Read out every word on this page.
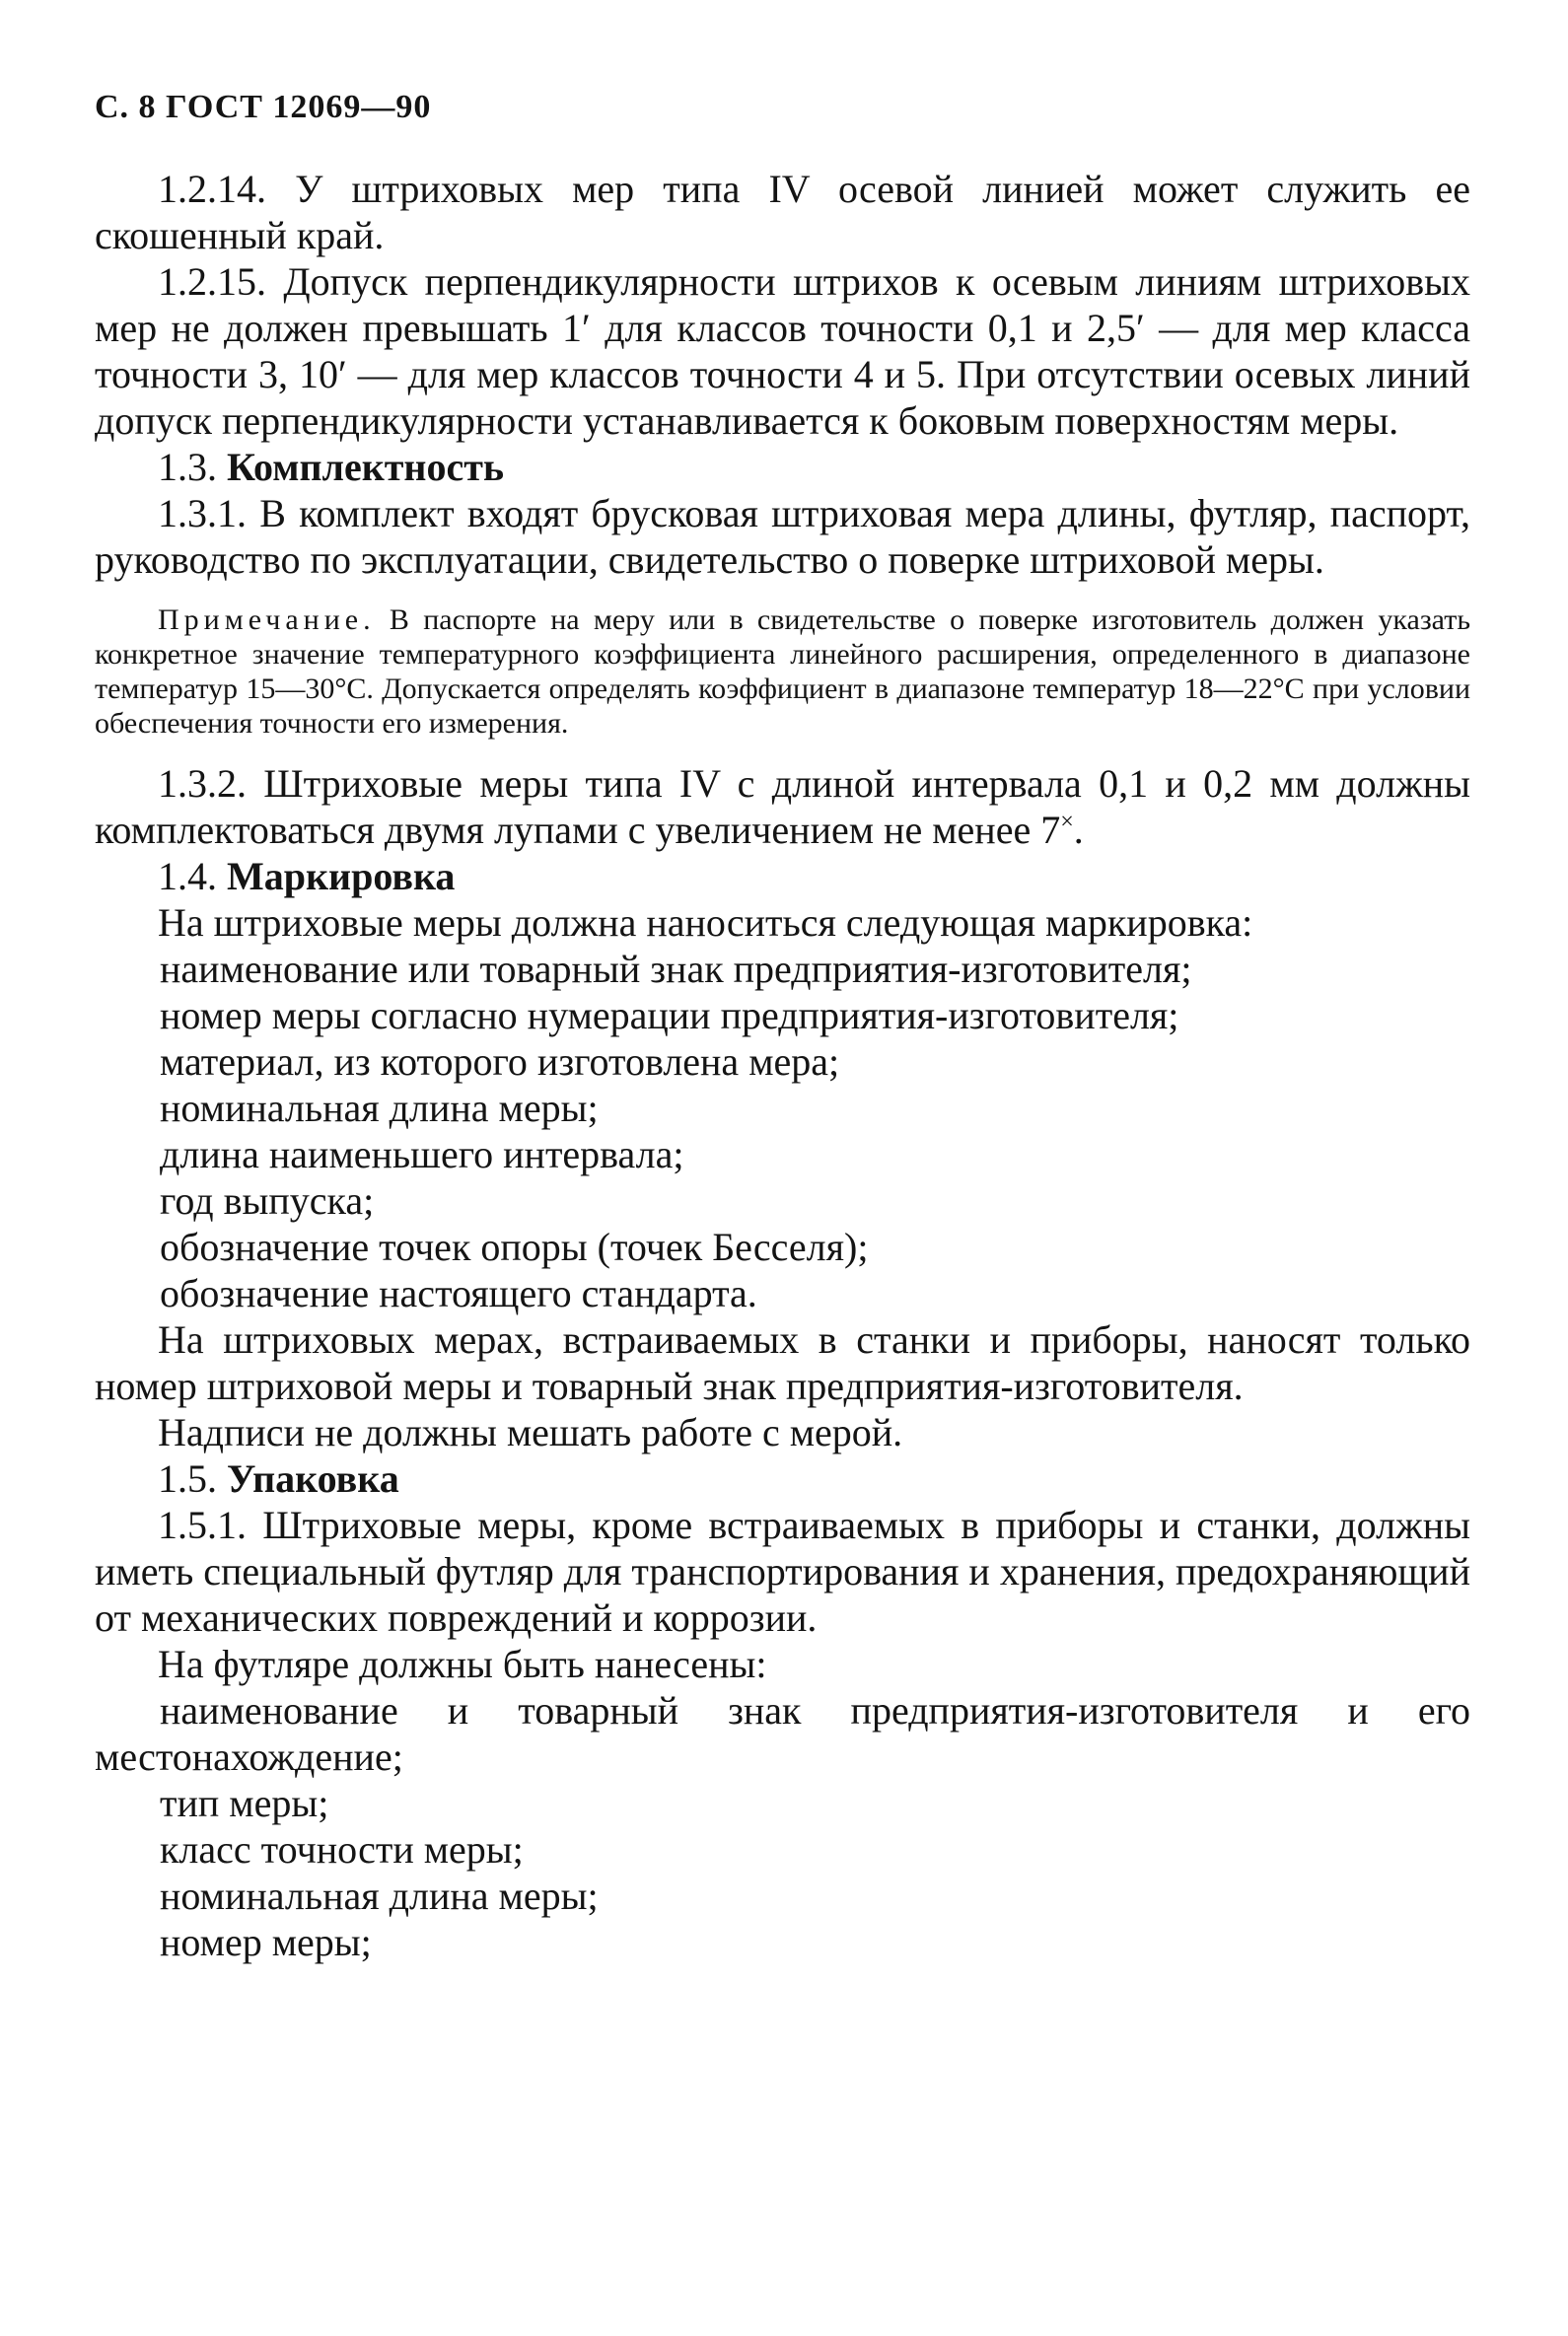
С. 8 ГОСТ 12069—90
1.2.14. У штриховых мер типа IV осевой линией может служить ее скошенный край.
1.2.15. Допуск перпендикулярности штрихов к осевым линиям штриховых мер не должен превышать 1′ для классов точности 0,1 и 2,5′ — для мер класса точности 3, 10′ — для мер классов точности 4 и 5. При отсутствии осевых линий допуск перпендикулярности устанавливается к боковым поверхностям меры.
1.3. Комплектность
1.3.1. В комплект входят брусковая штриховая мера длины, футляр, паспорт, руководство по эксплуатации, свидетельство о поверке штриховой меры.
Примечание. В паспорте на меру или в свидетельстве о поверке изготовитель должен указать конкретное значение температурного коэффициента линейного расширения, определенного в диапазоне температур 15—30°С. Допускается определять коэффициент в диапазоне температур 18—22°С при условии обеспечения точности его измерения.
1.3.2. Штриховые меры типа IV с длиной интервала 0,1 и 0,2 мм должны комплектоваться двумя лупами с увеличением не менее 7×.
1.4. Маркировка
На штриховые меры должна наноситься следующая маркировка:
наименование или товарный знак предприятия-изготовителя;
номер меры согласно нумерации предприятия-изготовителя;
материал, из которого изготовлена мера;
номинальная длина меры;
длина наименьшего интервала;
год выпуска;
обозначение точек опоры (точек Бесселя);
обозначение настоящего стандарта.
На штриховых мерах, встраиваемых в станки и приборы, наносят только номер штриховой меры и товарный знак предприятия-изготовителя.
Надписи не должны мешать работе с мерой.
1.5. Упаковка
1.5.1. Штриховые меры, кроме встраиваемых в приборы и станки, должны иметь специальный футляр для транспортирования и хранения, предохраняющий от механических повреждений и коррозии.
На футляре должны быть нанесены:
наименование и товарный знак предприятия-изготовителя и его местонахождение;
тип меры;
класс точности меры;
номинальная длина меры;
номер меры;
